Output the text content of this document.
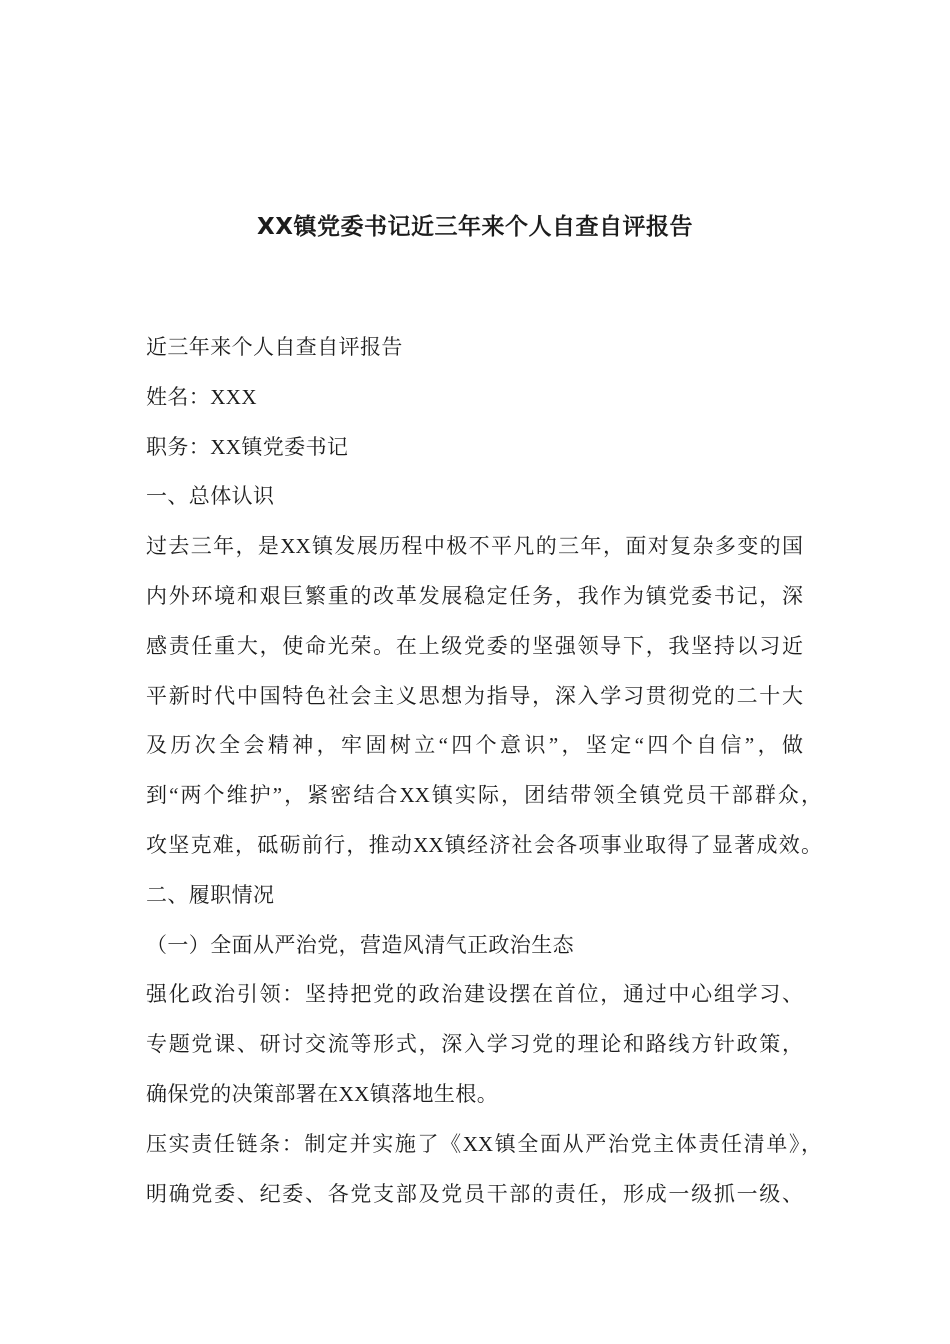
XX镇党委书记近三年来个人自查自评报告
近三年来个人自查自评报告
姓名：XXX
职务：XX镇党委书记
一、总体认识
过去三年，是XX镇发展历程中极不平凡的三年，面对复杂多变的国
内外环境和艰巨繁重的改革发展稳定任务，我作为镇党委书记，深
感责任重大，使命光荣。在上级党委的坚强领导下，我坚持以习近
平新时代中国特色社会主义思想为指导，深入学习贯彻党的二十大
及历次全会精神，牢固树立“四个意识”，坚定“四个自信”，做
到“两个维护”，紧密结合XX镇实际，团结带领全镇党员干部群众，
攻坚克难，砥砺前行，推动XX镇经济社会各项事业取得了显著成效。
二、履职情况
（一）全面从严治党，营造风清气正政治生态
强化政治引领：坚持把党的政治建设摆在首位，通过中心组学习、
专题党课、研讨交流等形式，深入学习党的理论和路线方针政策，
确保党的决策部署在XX镇落地生根。
压实责任链条：制定并实施了《XX镇全面从严治党主体责任清单》，
明确党委、纪委、各党支部及党员干部的责任，形成一级抓一级、
